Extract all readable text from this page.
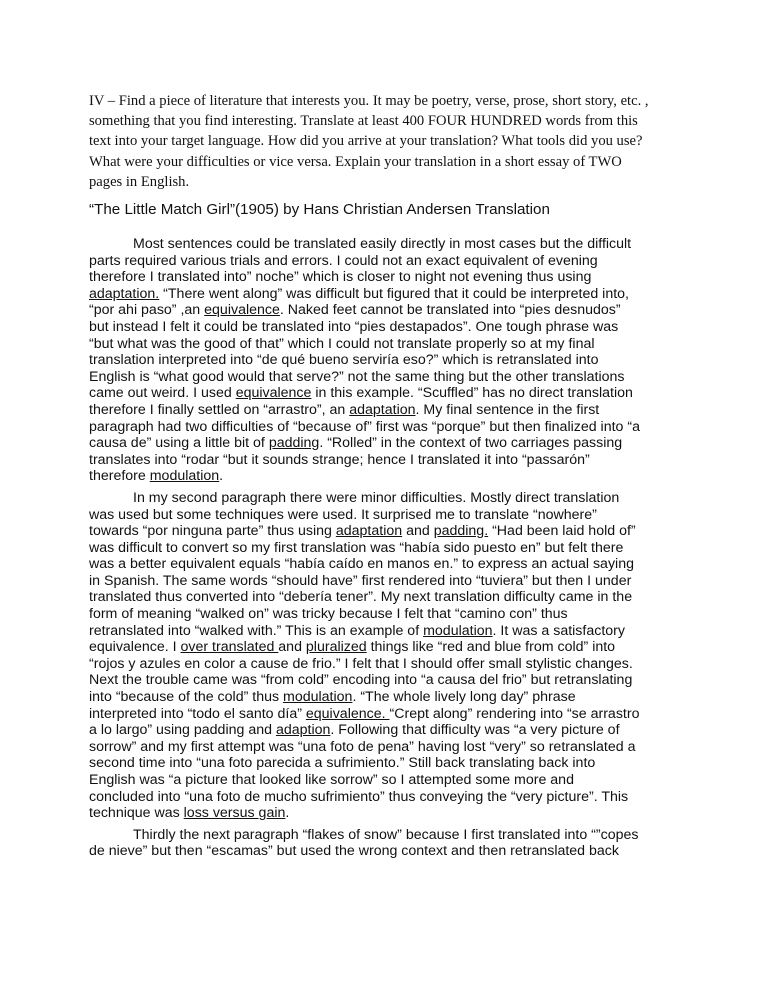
IV – Find a piece of literature that interests you. It may be poetry, verse, prose, short story, etc. ,
something that you find interesting. Translate at least 400 FOUR HUNDRED words from this
text into your target language. How did you arrive at your translation? What tools did you use?
What were your difficulties or vice versa. Explain your translation in a short essay of TWO
pages in English.
“The Little Match Girl”(1905) by Hans Christian Andersen Translation
Most sentences could be translated easily directly in most cases but the difficult
parts required various trials and errors. I could not an exact equivalent of evening
therefore I translated into” noche” which is closer to night not evening thus using
adaptation. “There went along” was difficult but figured that it could be interpreted into,
“por ahi paso” ,an equivalence. Naked feet cannot be translated into “pies desnudos”
but instead I felt it could be translated into “pies destapados”. One tough phrase was
“but what was the good of that” which I could not translate properly so at my final
translation interpreted into “de qué bueno serviría eso?” which is retranslated into
English is “what good would that serve?” not the same thing but the other translations
came out weird. I used equivalence in this example. “Scuffled” has no direct translation
therefore I finally settled on “arrastro”, an adaptation. My final sentence in the first
paragraph had two difficulties of “because of” first was “porque” but then finalized into “a
causa de” using a little bit of padding. “Rolled” in the context of two carriages passing
translates into “rodar “but it sounds strange; hence I translated it into “passarón”
therefore modulation.
In my second paragraph there were minor difficulties. Mostly direct translation
was used but some techniques were used. It surprised me to translate “nowhere”
towards “por ninguna parte” thus using adaptation and padding. “Had been laid hold of”
was difficult to convert so my first translation was “había sido puesto en” but felt there
was a better equivalent equals “había caído en manos en.” to express an actual saying
in Spanish. The same words “should have” first rendered into “tuviera” but then I under
translated thus converted into “debería tener”. My next translation difficulty came in the
form of meaning “walked on” was tricky because I felt that “camino con” thus
retranslated into “walked with.” This is an example of modulation. It was a satisfactory
equivalence. I over translated and pluralized things like “red and blue from cold” into
“rojos y azules en color a cause de frio.” I felt that I should offer small stylistic changes.
Next the trouble came was “from cold” encoding into “a causa del frio” but retranslating
into “because of the cold” thus modulation. “The whole lively long day” phrase
interpreted into “todo el santo día” equivalence. “Crept along” rendering into “se arrastro
a lo largo” using padding and adaption. Following that difficulty was “a very picture of
sorrow” and my first attempt was “una foto de pena” having lost “very” so retranslated a
second time into “una foto parecida a sufrimiento.” Still back translating back into
English was “a picture that looked like sorrow” so I attempted some more and
concluded into “una foto de mucho sufrimiento” thus conveying the “very picture”. This
technique was loss versus gain.
Thirdly the next paragraph “flakes of snow” because I first translated into “”copes
de nieve” but then “escamas” but used the wrong context and then retranslated back
